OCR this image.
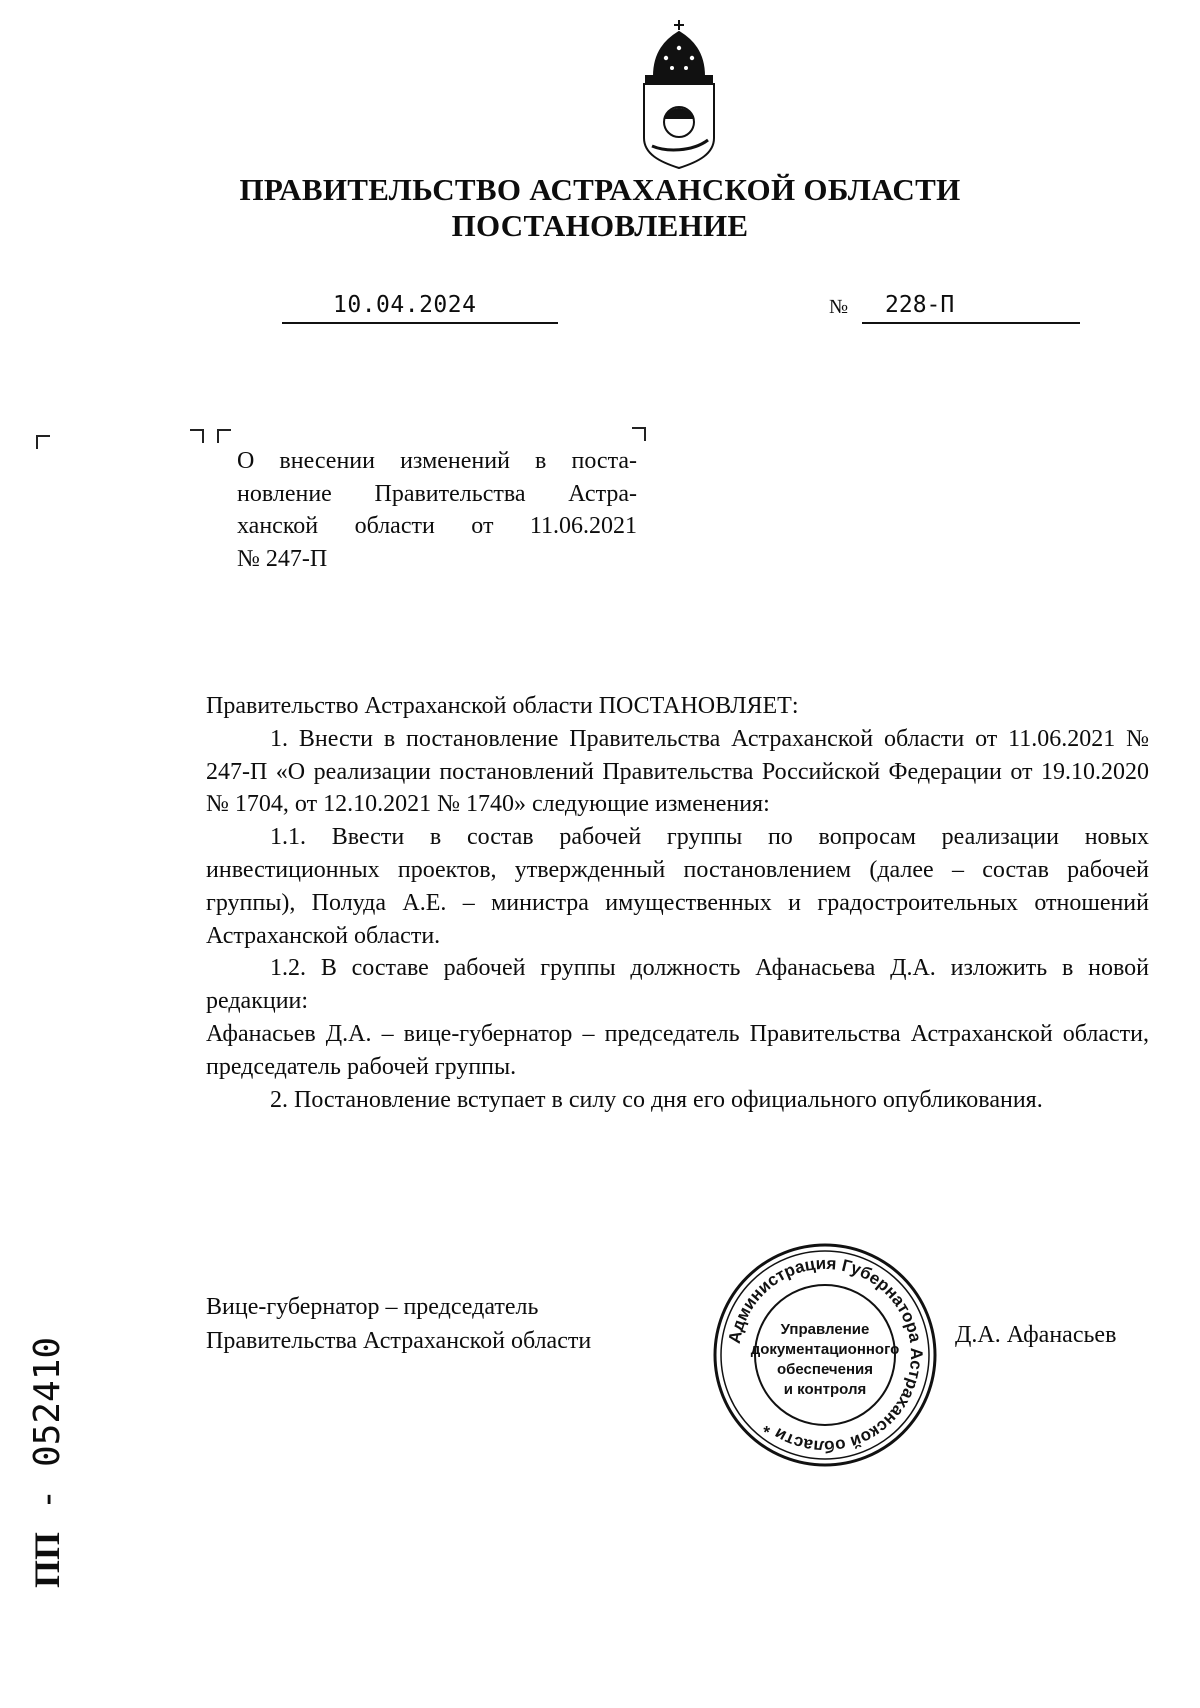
ПРАВИТЕЛЬСТВО АСТРАХАНСКОЙ ОБЛАСТИ
ПОСТАНОВЛЕНИЕ
10.04.2024	№ 228-П
О внесении изменений в поста-
новление Правительства Астра-
ханской области от 11.06.2021
№ 247-П

Правительство Астраханской области ПОСТАНОВЛЯЕТ:

1. Внести в постановление Правительства Астраханской области от 11.06.2021 № 247-П «О реализации постановлений Правительства Российской Федерации от 19.10.2020 № 1704, от 12.10.2021 № 1740» следующие изменения:

1.1. Ввести в состав рабочей группы по вопросам реализации новых инвестиционных проектов, утвержденный постановлением (далее – состав рабочей группы), Полуда А.Е. – министра имущественных и градостроительных отношений Астраханской области.

1.2. В составе рабочей группы должность Афанасьева Д.А. изложить в новой редакции:

Афанасьев Д.А. – вице-губернатор – председатель Правительства Астраханской области, председатель рабочей группы.

2. Постановление вступает в силу со дня его официального опубликования.

Вице-губернатор – председатель
Правительства Астраханской области	Д.А. Афанасьев
Администрация Губернатора Астраханской области *
Управление
документационного
обеспечения
и контроля
ПП - 052410
